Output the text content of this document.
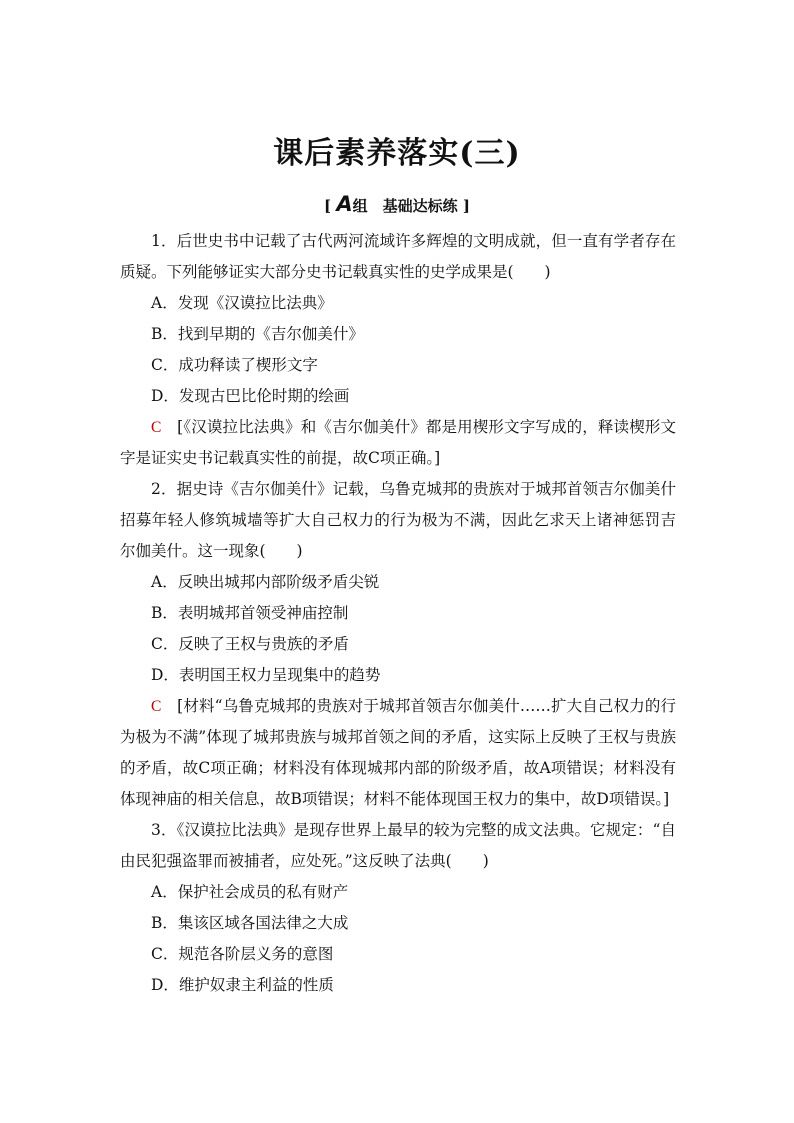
课后素养落实(三)
[ A组　基础达标练 ]

1．后世史书中记载了古代两河流域许多辉煌的文明成就，但一直有学者存在质疑。下列能够证实大部分史书记载真实性的史学成果是(　　)

A．发现《汉谟拉比法典》

B．找到早期的《吉尔伽美什》

C．成功释读了楔形文字

D．发现古巴比伦时期的绘画

C　[《汉谟拉比法典》和《吉尔伽美什》都是用楔形文字写成的，释读楔形文字是证实史书记载真实性的前提，故C项正确。]

2．据史诗《吉尔伽美什》记载，乌鲁克城邦的贵族对于城邦首领吉尔伽美什招募年轻人修筑城墙等扩大自己权力的行为极为不满，因此乞求天上诸神惩罚吉尔伽美什。这一现象(　　)

A．反映出城邦内部阶级矛盾尖锐

B．表明城邦首领受神庙控制

C．反映了王权与贵族的矛盾

D．表明国王权力呈现集中的趋势

C　[材料“乌鲁克城邦的贵族对于城邦首领吉尔伽美什……扩大自己权力的行为极为不满”体现了城邦贵族与城邦首领之间的矛盾，这实际上反映了王权与贵族的矛盾，故C项正确；材料没有体现城邦内部的阶级矛盾，故A项错误；材料没有体现神庙的相关信息，故B项错误；材料不能体现国王权力的集中，故D项错误。]

3．《汉谟拉比法典》是现存世界上最早的较为完整的成文法典。它规定：“自由民犯强盗罪而被捕者，应处死。”这反映了法典(　　)

A．保护社会成员的私有财产

B．集该区域各国法律之大成

C．规范各阶层义务的意图

D．维护奴隶主利益的性质
